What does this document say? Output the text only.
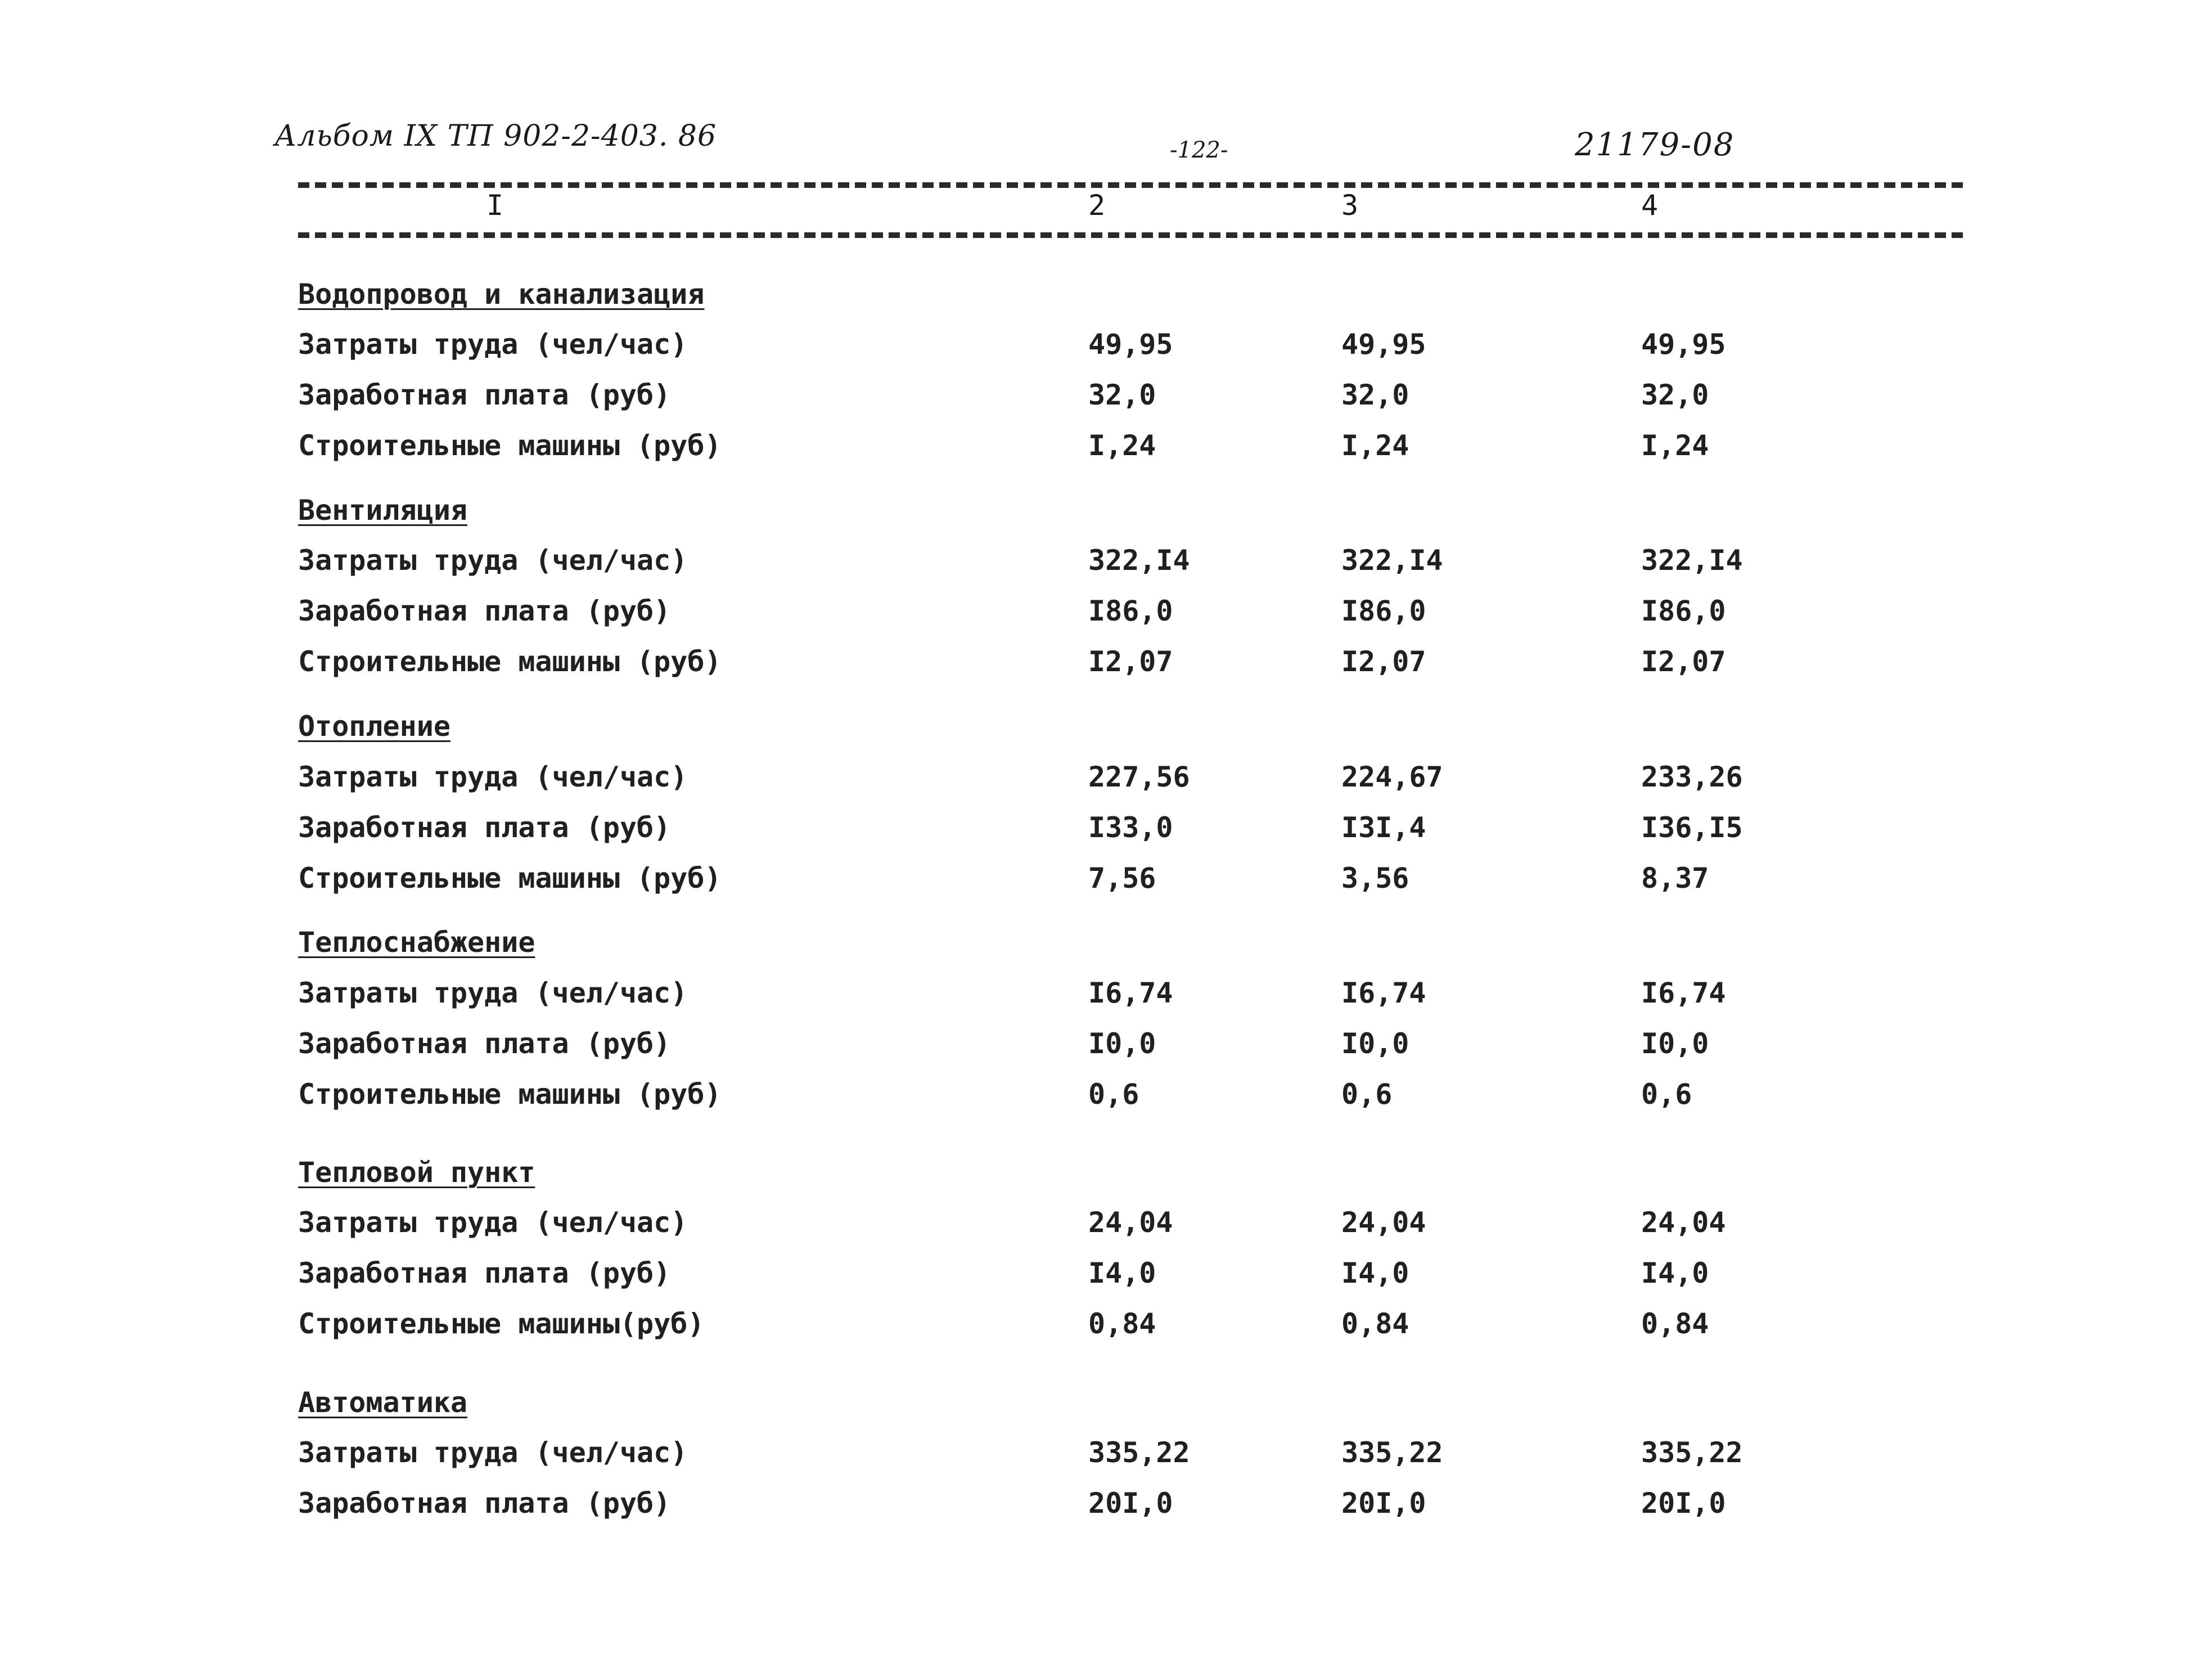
Альбом IX ТП 902-2-403. 86	-122-	21179-08
I	2	3	4
Водопровод и канализация
Затраты труда (чел/час)	49,95	49,95	49,95
Заработная плата (руб)	32,0	32,0	32,0
Строительные машины (руб)	I,24	I,24	I,24
Вентиляция
Затраты труда (чел/час)	322,I4	322,I4	322,I4
Заработная плата (руб)	I86,0	I86,0	I86,0
Строительные машины (руб)	I2,07	I2,07	I2,07
Отопление
Затраты труда (чел/час)	227,56	224,67	233,26
Заработная плата (руб)	I33,0	I3I,4	I36,I5
Строительные машины (руб)	7,56	3,56	8,37
Теплоснабжение
Затраты труда (чел/час)	I6,74	I6,74	I6,74
Заработная плата (руб)	I0,0	I0,0	I0,0
Строительные машины (руб)	0,6	0,6	0,6
Тепловой пункт
Затраты труда (чел/час)	24,04	24,04	24,04
Заработная плата (руб)	I4,0	I4,0	I4,0
Строительные машины(руб)	0,84	0,84	0,84
Автоматика
Затраты труда (чел/час)	335,22	335,22	335,22
Заработная плата (руб)	20I,0	20I,0	20I,0
